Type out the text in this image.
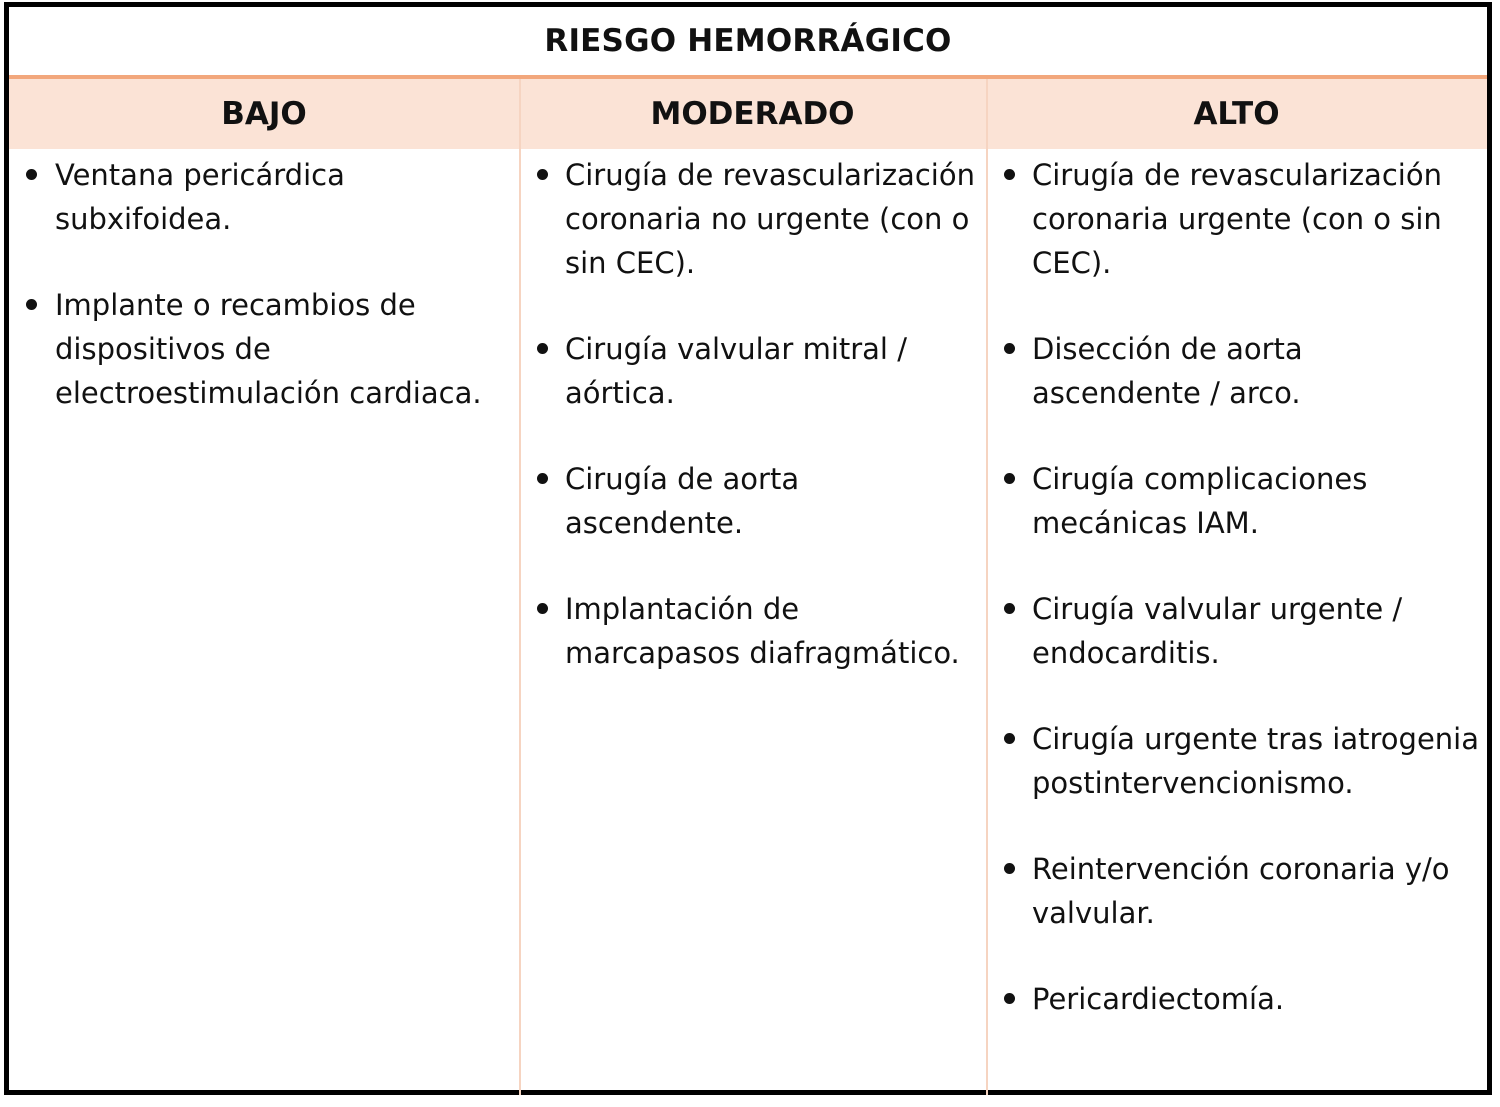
RIESGO HEMORRÁGICO
BAJO	MODERADO	ALTO
Ventana pericárdica subxifoidea.
Implante o recambios de dispositivos de electroestimulación cardiaca.
Cirugía de revascularización coronaria no urgente (con o sin CEC).
Cirugía valvular mitral / aórtica.
Cirugía de aorta ascendente.
Implantación de marcapasos diafragmático.
Cirugía de revascularización coronaria urgente (con o sin CEC).
Disección de aorta ascendente / arco.
Cirugía complicaciones mecánicas IAM.
Cirugía valvular urgente / endocarditis.
Cirugía urgente tras iatrogenia postintervencionismo.
Reintervención coronaria y/o valvular.
Pericardiectomía.
